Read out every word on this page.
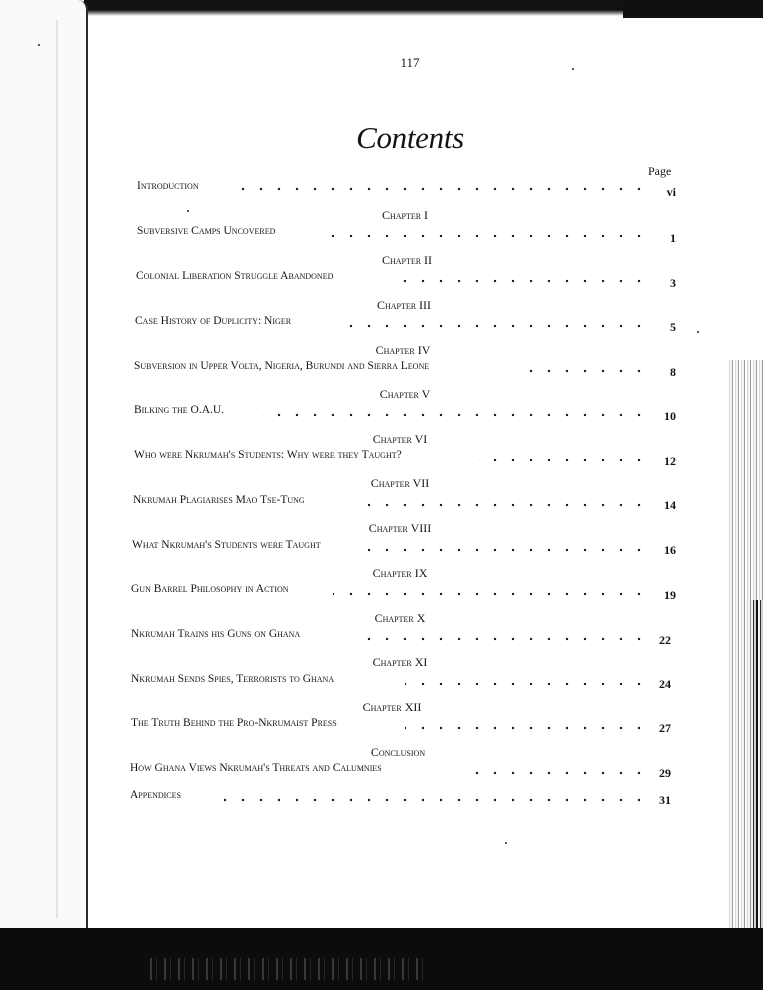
117
Contents
Page
Introduction	vi
Chapter I
Subversive Camps Uncovered	1
Chapter II
Colonial Liberation Struggle Abandoned	3
Chapter III
Case History of Duplicity: Niger	5
Chapter IV
Subversion in Upper Volta, Nigeria, Burundi and Sierra Leone	8
Chapter V
Bilking the O.A.U.	10
Chapter VI
Who were Nkrumah's Students: Why were they Taught?	12
Chapter VII
Nkrumah Plagiarises Mao Tse-Tung	14
Chapter VIII
What Nkrumah's Students were Taught	16
Chapter IX
Gun Barrel Philosophy in Action	19
Chapter X
Nkrumah Trains his Guns on Ghana	22
Chapter XI
Nkrumah Sends Spies, Terrorists to Ghana	24
Chapter XII
The Truth Behind the Pro-Nkrumaist Press	27
Conclusion
How Ghana Views Nkrumah's Threats and Calumnies	29
Appendices	31
